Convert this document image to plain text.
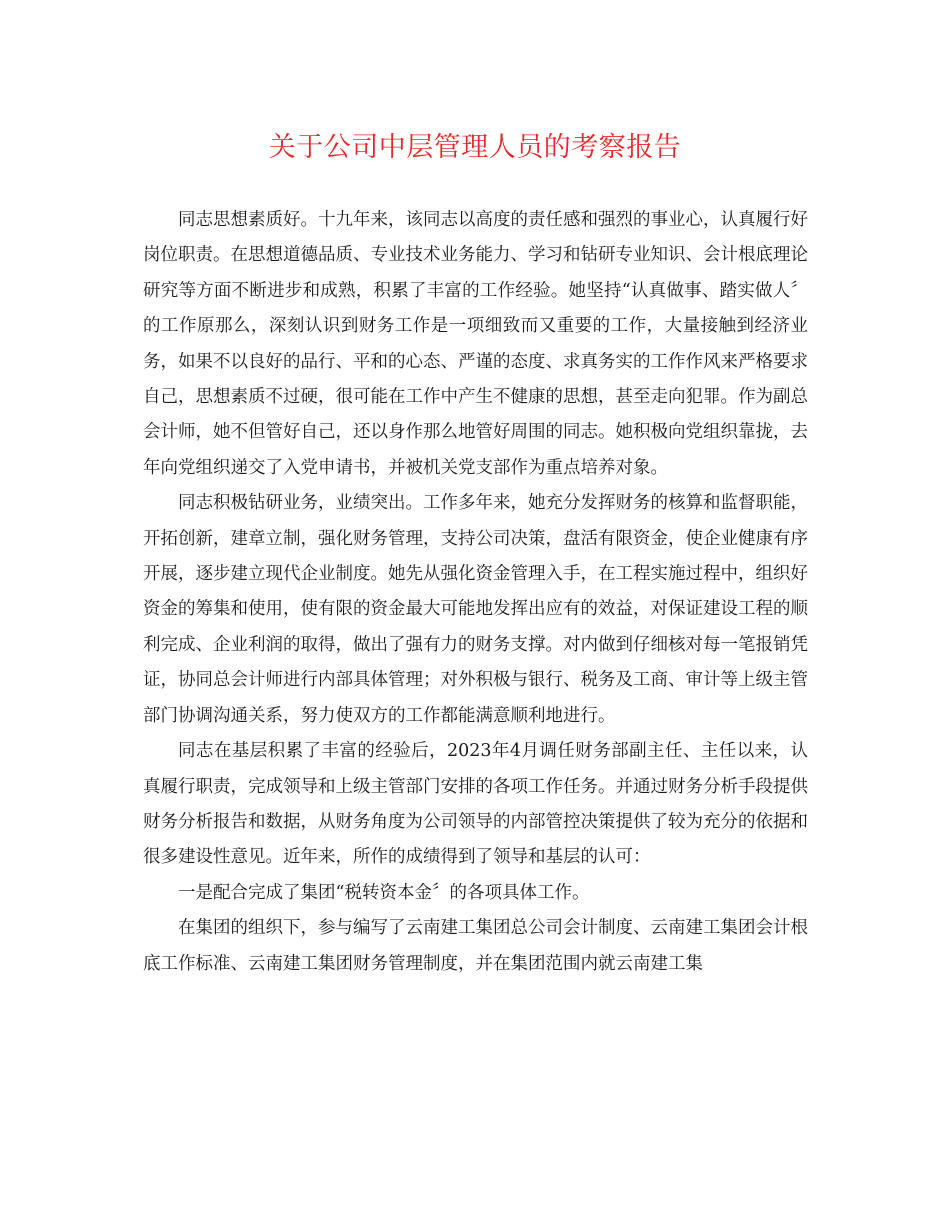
关于公司中层管理人员的考察报告

同志思想素质好。十九年来，该同志以高度的责任感和强烈的事业心，认真履行好岗位职责。在思想道德品质、专业技术业务能力、学习和钻研专业知识、会计根底理论研究等方面不断进步和成熟，积累了丰富的工作经验。她坚持“认真做事、踏实做人〞的工作原那么，深刻认识到财务工作是一项细致而又重要的工作，大量接触到经济业务，如果不以良好的品行、平和的心态、严谨的态度、求真务实的工作作风来严格要求自己，思想素质不过硬，很可能在工作中产生不健康的思想，甚至走向犯罪。作为副总会计师，她不但管好自己，还以身作那么地管好周围的同志。她积极向党组织靠拢，去年向党组织递交了入党申请书，并被机关党支部作为重点培养对象。

同志积极钻研业务，业绩突出。工作多年来，她充分发挥财务的核算和监督职能，开拓创新，建章立制，强化财务管理，支持公司决策，盘活有限资金，使企业健康有序开展，逐步建立现代企业制度。她先从强化资金管理入手，在工程实施过程中，组织好资金的筹集和使用，使有限的资金最大可能地发挥出应有的效益，对保证建设工程的顺利完成、企业利润的取得，做出了强有力的财务支撑。对内做到仔细核对每一笔报销凭证，协同总会计师进行内部具体管理；对外积极与银行、税务及工商、审计等上级主管部门协调沟通关系，努力使双方的工作都能满意顺利地进行。

同志在基层积累了丰富的经验后，2023年4月调任财务部副主任、主任以来，认真履行职责，完成领导和上级主管部门安排的各项工作任务。并通过财务分析手段提供财务分析报告和数据，从财务角度为公司领导的内部管控决策提供了较为充分的依据和很多建设性意见。近年来，所作的成绩得到了领导和基层的认可：

一是配合完成了集团“税转资本金〞的各项具体工作。

在集团的组织下，参与编写了云南建工集团总公司会计制度、云南建工集团会计根底工作标准、云南建工集团财务管理制度，并在集团范围内就云南建工集
